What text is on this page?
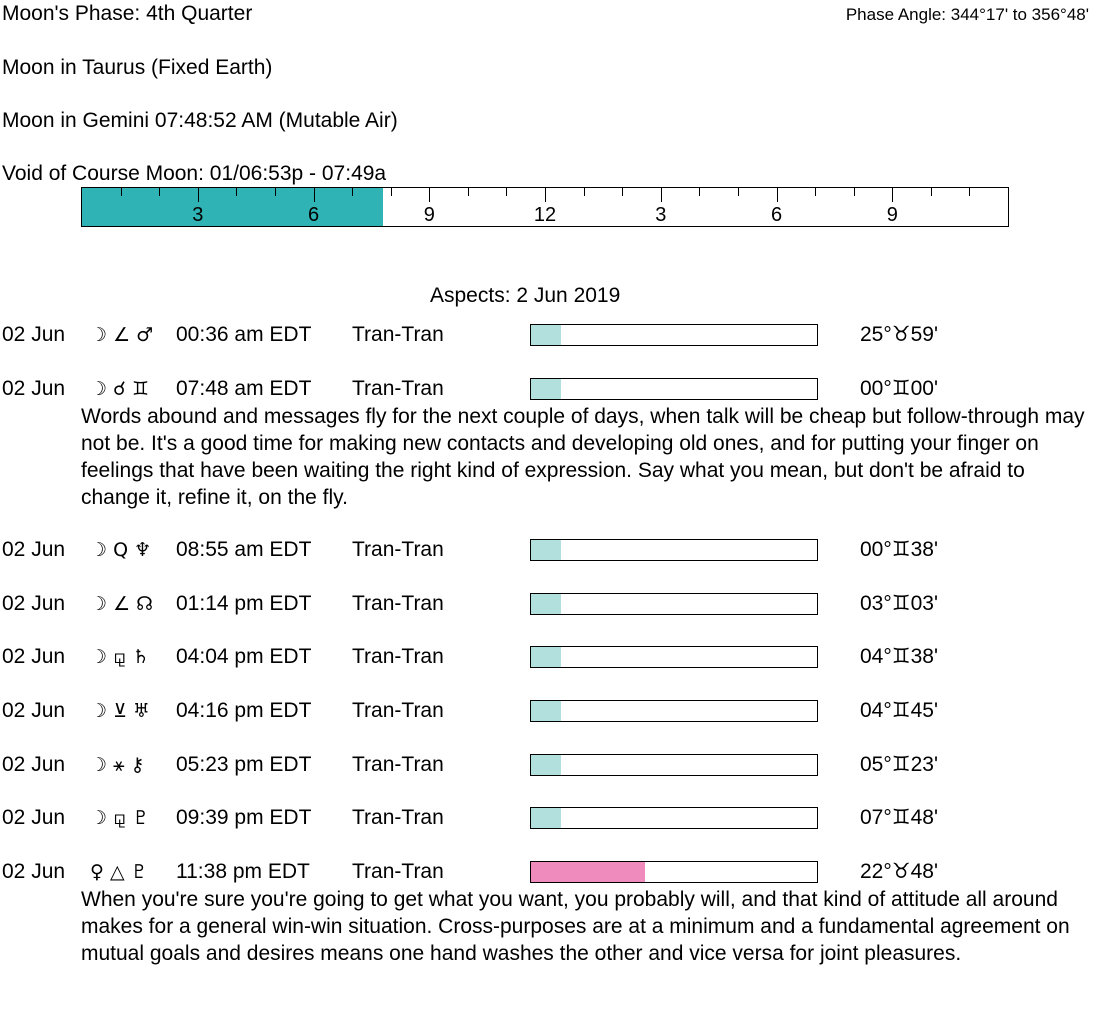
Moon's Phase: 4th Quarter	Phase Angle: 344°17' to 356°48'
Moon in Taurus (Fixed Earth)
Moon in Gemini 07:48:52 AM (Mutable Air)
Void of Course Moon: 01/06:53p - 07:49a
3	6	9	12	3	6	9
Aspects: 2 Jun 2019
02 Jun ☽ ∠ ♂ 00:36 am EDT Tran-Tran	25°♉59'
02 Jun ☽ ☌ ♊ 07:48 am EDT Tran-Tran	00°♊00'
Words abound and messages fly for the next couple of days, when talk will be cheap but follow-through may not be. It's a good time for making new contacts and developing old ones, and for putting your finger on feelings that have been waiting the right kind of expression. Say what you mean, but don't be afraid to change it, refine it, on the fly.
02 Jun ☽ Q ♆ 08:55 am EDT Tran-Tran	00°♊38'
02 Jun ☽ ∠ ☊ 01:14 pm EDT Tran-Tran	03°♊03'
02 Jun ☽ ⚼ ♄ 04:04 pm EDT Tran-Tran	04°♊38'
02 Jun ☽ ⊻ ♅ 04:16 pm EDT Tran-Tran	04°♊45'
02 Jun ☽ ⚹ ⚷ 05:23 pm EDT Tran-Tran	05°♊23'
02 Jun ☽ ⚼ ♇ 09:39 pm EDT Tran-Tran	07°♊48'
02 Jun ♀ △ ♇ 11:38 pm EDT Tran-Tran	22°♉48'
When you're sure you're going to get what you want, you probably will, and that kind of attitude all around makes for a general win-win situation. Cross-purposes are at a minimum and a fundamental agreement on mutual goals and desires means one hand washes the other and vice versa for joint pleasures.
